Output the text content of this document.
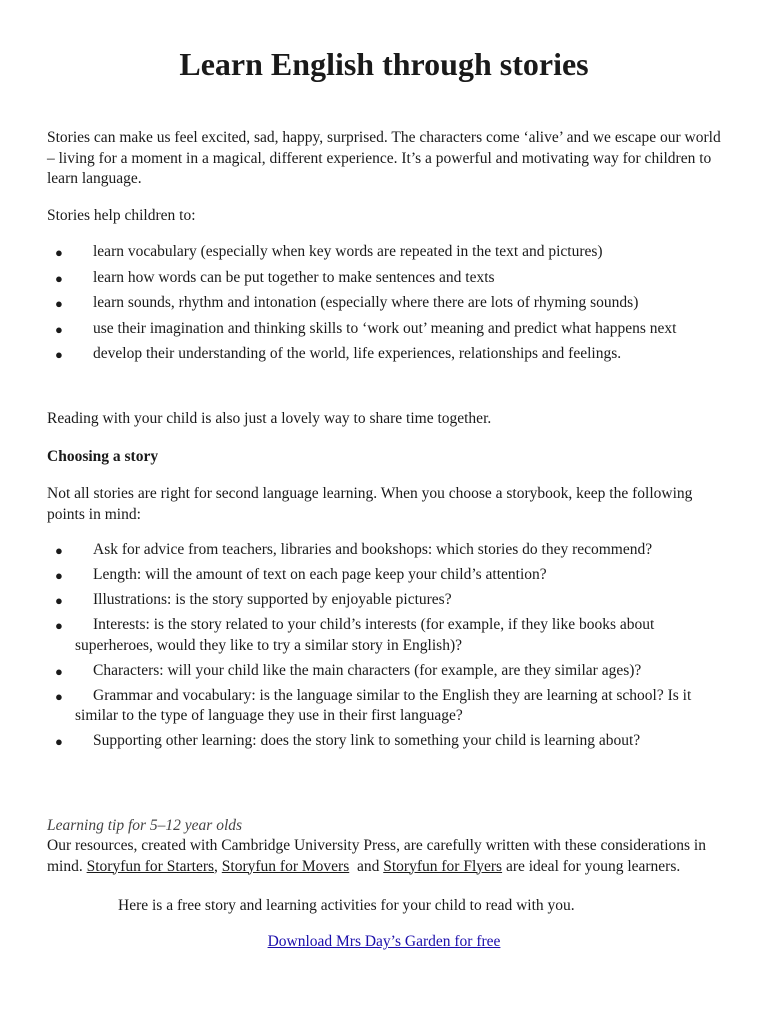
Learn English through stories

Stories can make us feel excited, sad, happy, surprised. The characters come ‘alive’ and we escape our world – living for a moment in a magical, different experience. It’s a powerful and motivating way for children to learn language.

Stories help children to:

●	learn vocabulary (especially when key words are repeated in the text and pictures)
●	learn how words can be put together to make sentences and texts
●	learn sounds, rhythm and intonation (especially where there are lots of rhyming sounds)
●	use their imagination and thinking skills to ‘work out’ meaning and predict what happens next
●	develop their understanding of the world, life experiences, relationships and feelings.

Reading with your child is also just a lovely way to share time together.

Choosing a story

Not all stories are right for second language learning. When you choose a storybook, keep the following points in mind:

●	Ask for advice from teachers, libraries and bookshops: which stories do they recommend?
●	Length: will the amount of text on each page keep your child’s attention?
●	Illustrations: is the story supported by enjoyable pictures?
●	Interests: is the story related to your child’s interests (for example, if they like books about superheroes, would they like to try a similar story in English)?
●	Characters: will your child like the main characters (for example, are they similar ages)?
●	Grammar and vocabulary: is the language similar to the English they are learning at school? Is it similar to the type of language they use in their first language?
●	Supporting other learning: does the story link to something your child is learning about?

Learning tip for 5–12 year olds

Our resources, created with Cambridge University Press, are carefully written with these considerations in mind. Storyfun for Starters, Storyfun for Movers  and Storyfun for Flyers are ideal for young learners.

Here is a free story and learning activities for your child to read with you.

Download Mrs Day’s Garden for free
